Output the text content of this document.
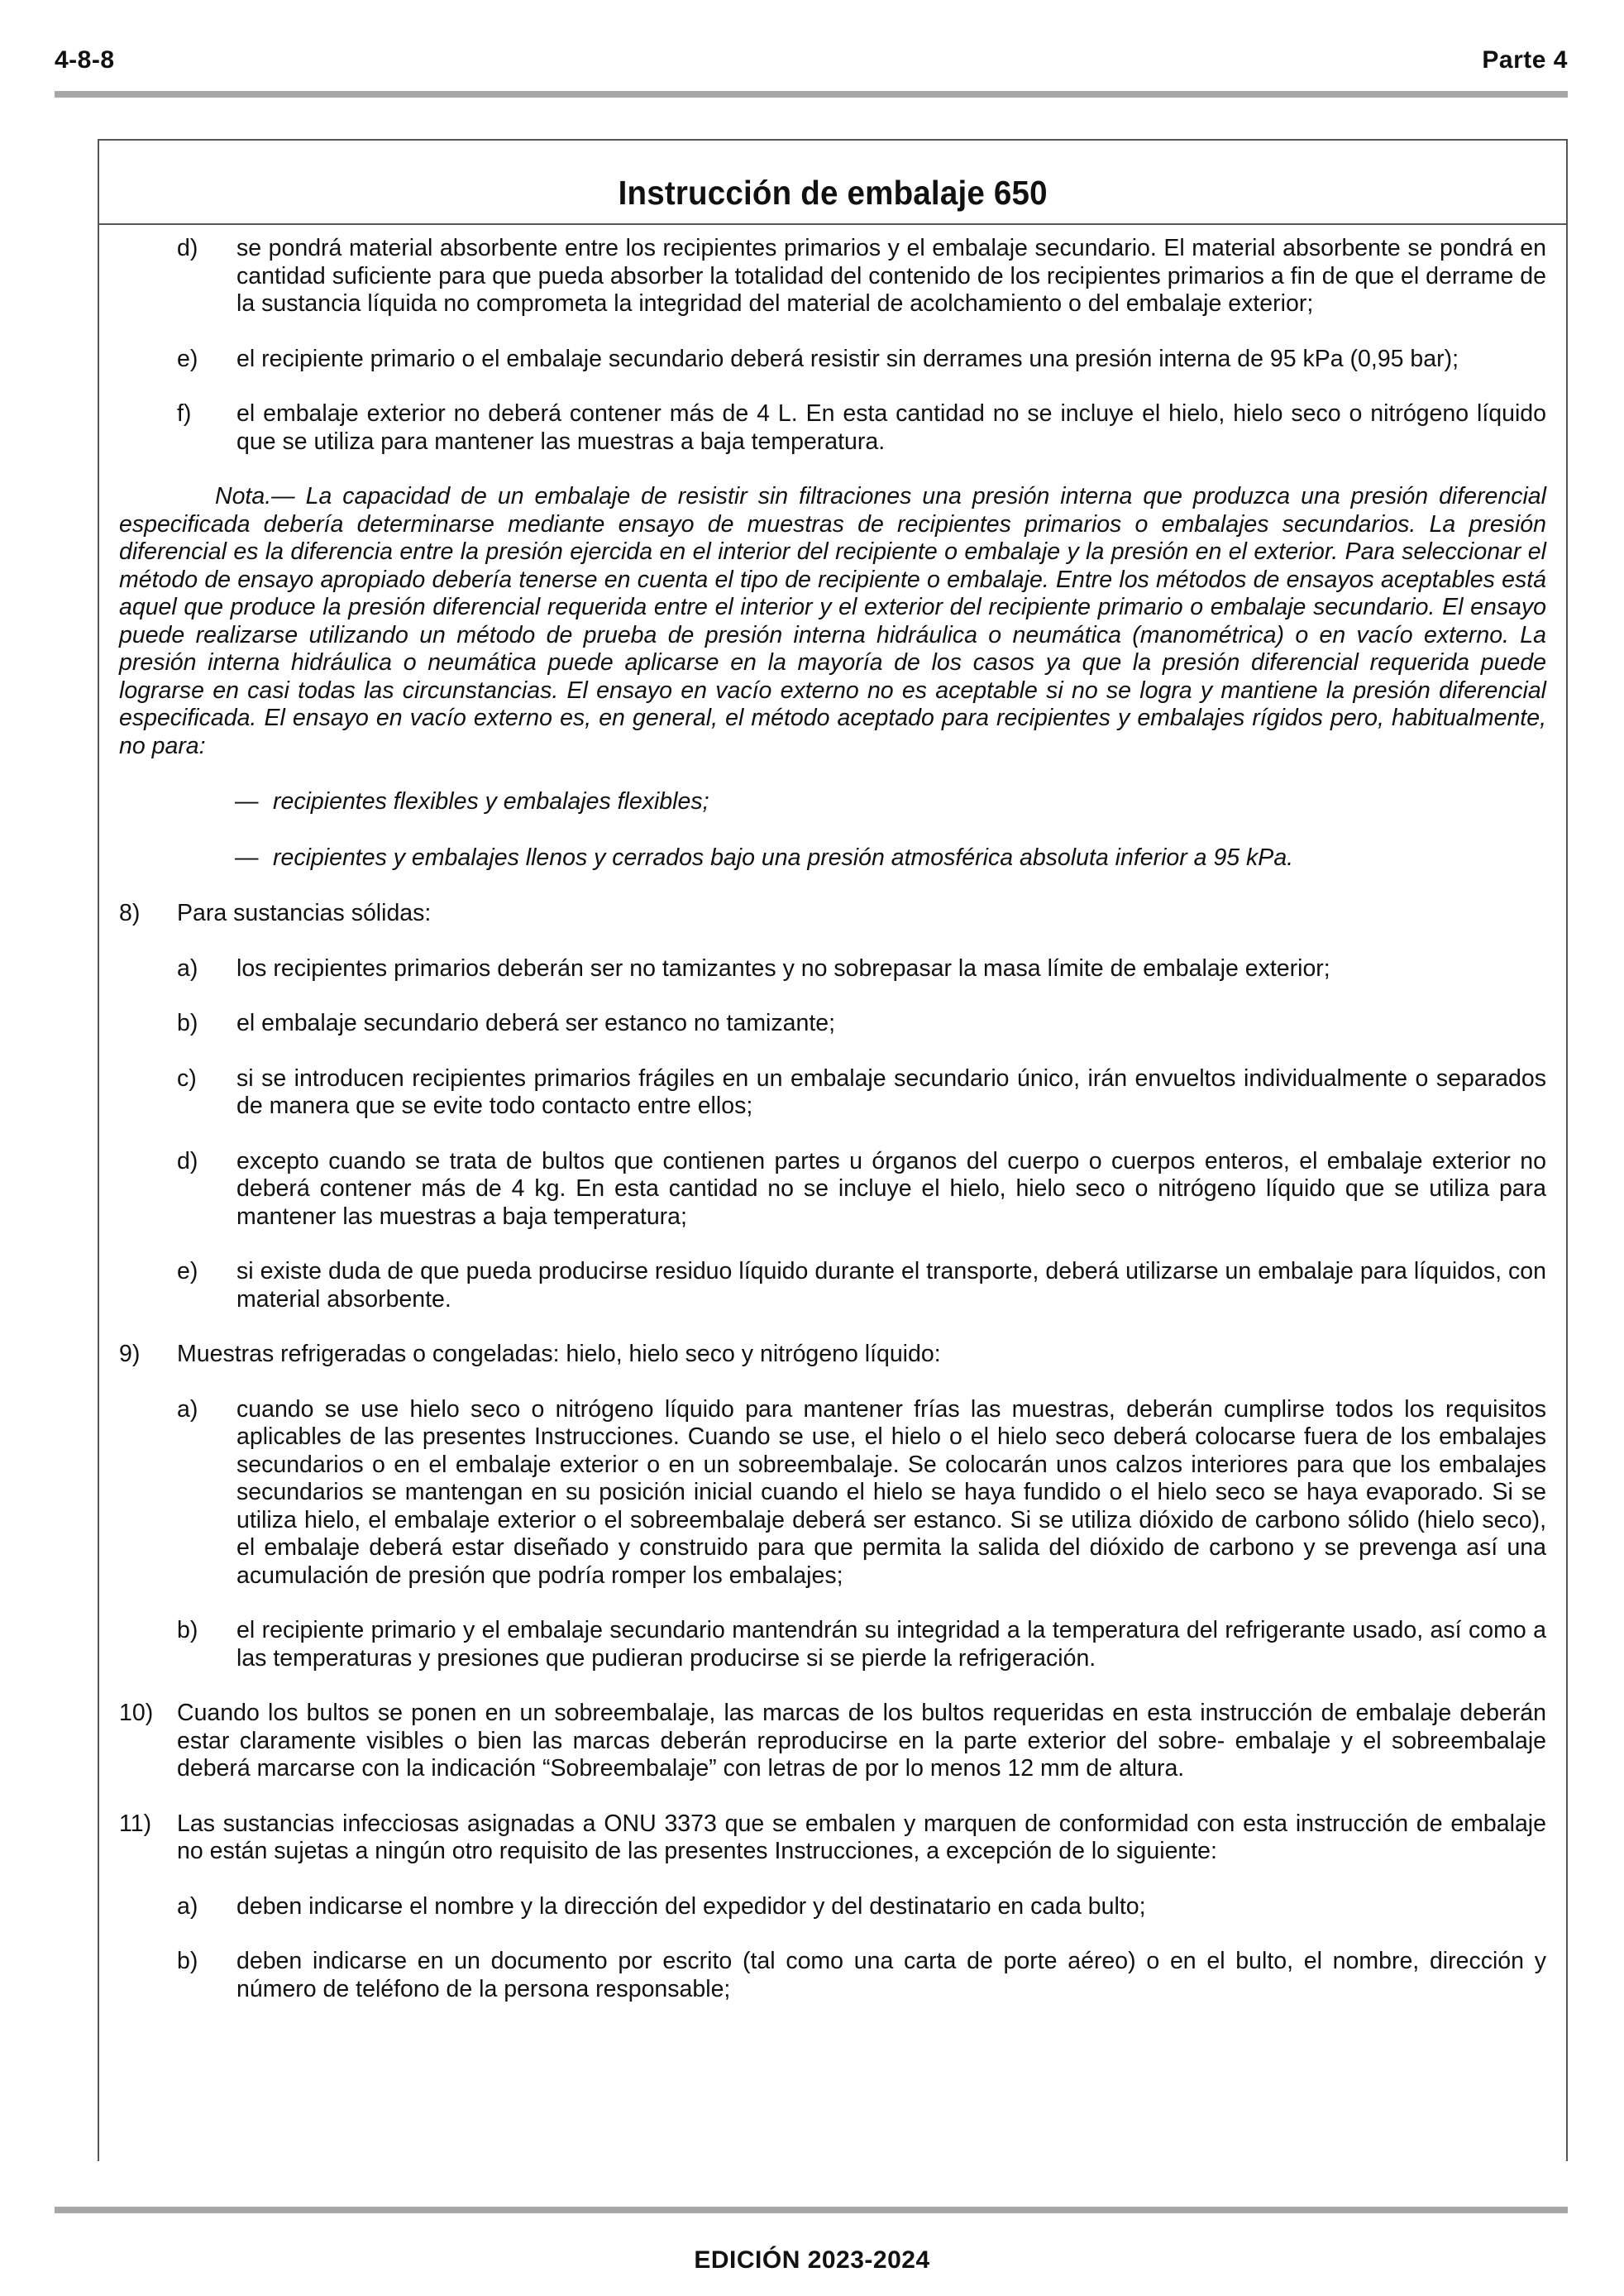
4-8-8	Parte 4
Instrucción de embalaje 650
d) se pondrá material absorbente entre los recipientes primarios y el embalaje secundario. El material absorbente se pondrá en cantidad suficiente para que pueda absorber la totalidad del contenido de los recipientes primarios a fin de que el derrame de la sustancia líquida no comprometa la integridad del material de acolchamiento o del embalaje exterior;
e) el recipiente primario o el embalaje secundario deberá resistir sin derrames una presión interna de 95 kPa (0,95 bar);
f) el embalaje exterior no deberá contener más de 4 L. En esta cantidad no se incluye el hielo, hielo seco o nitrógeno líquido que se utiliza para mantener las muestras a baja temperatura.
Nota.— La capacidad de un embalaje de resistir sin filtraciones una presión interna que produzca una presión diferencial especificada debería determinarse mediante ensayo de muestras de recipientes primarios o embalajes secundarios. La presión diferencial es la diferencia entre la presión ejercida en el interior del recipiente o embalaje y la presión en el exterior. Para seleccionar el método de ensayo apropiado debería tenerse en cuenta el tipo de recipiente o embalaje. Entre los métodos de ensayos aceptables está aquel que produce la presión diferencial requerida entre el interior y el exterior del recipiente primario o embalaje secundario. El ensayo puede realizarse utilizando un método de prueba de presión interna hidráulica o neumática (manométrica) o en vacío externo. La presión interna hidráulica o neumática puede aplicarse en la mayoría de los casos ya que la presión diferencial requerida puede lograrse en casi todas las circunstancias. El ensayo en vacío externo no es aceptable si no se logra y mantiene la presión diferencial especificada. El ensayo en vacío externo es, en general, el método aceptado para recipientes y embalajes rígidos pero, habitualmente, no para:
— recipientes flexibles y embalajes flexibles;
— recipientes y embalajes llenos y cerrados bajo una presión atmosférica absoluta inferior a 95 kPa.
8) Para sustancias sólidas:
a) los recipientes primarios deberán ser no tamizantes y no sobrepasar la masa límite de embalaje exterior;
b) el embalaje secundario deberá ser estanco no tamizante;
c) si se introducen recipientes primarios frágiles en un embalaje secundario único, irán envueltos individualmente o separados de manera que se evite todo contacto entre ellos;
d) excepto cuando se trata de bultos que contienen partes u órganos del cuerpo o cuerpos enteros, el embalaje exterior no deberá contener más de 4 kg. En esta cantidad no se incluye el hielo, hielo seco o nitrógeno líquido que se utiliza para mantener las muestras a baja temperatura;
e) si existe duda de que pueda producirse residuo líquido durante el transporte, deberá utilizarse un embalaje para líquidos, con material absorbente.
9) Muestras refrigeradas o congeladas: hielo, hielo seco y nitrógeno líquido:
a) cuando se use hielo seco o nitrógeno líquido para mantener frías las muestras, deberán cumplirse todos los requisitos aplicables de las presentes Instrucciones. Cuando se use, el hielo o el hielo seco deberá colocarse fuera de los embalajes secundarios o en el embalaje exterior o en un sobreembalaje. Se colocarán unos calzos interiores para que los embalajes secundarios se mantengan en su posición inicial cuando el hielo se haya fundido o el hielo seco se haya evaporado. Si se utiliza hielo, el embalaje exterior o el sobreembalaje deberá ser estanco. Si se utiliza dióxido de carbono sólido (hielo seco), el embalaje deberá estar diseñado y construido para que permita la salida del dióxido de carbono y se prevenga así una acumulación de presión que podría romper los embalajes;
b) el recipiente primario y el embalaje secundario mantendrán su integridad a la temperatura del refrigerante usado, así como a las temperaturas y presiones que pudieran producirse si se pierde la refrigeración.
10) Cuando los bultos se ponen en un sobreembalaje, las marcas de los bultos requeridas en esta instrucción de embalaje deberán estar claramente visibles o bien las marcas deberán reproducirse en la parte exterior del sobre- embalaje y el sobreembalaje deberá marcarse con la indicación “Sobreembalaje” con letras de por lo menos 12 mm de altura.
11) Las sustancias infecciosas asignadas a ONU 3373 que se embalen y marquen de conformidad con esta instrucción de embalaje no están sujetas a ningún otro requisito de las presentes Instrucciones, a excepción de lo siguiente:
a) deben indicarse el nombre y la dirección del expedidor y del destinatario en cada bulto;
b) deben indicarse en un documento por escrito (tal como una carta de porte aéreo) o en el bulto, el nombre, dirección y número de teléfono de la persona responsable;
EDICIÓN 2023-2024
